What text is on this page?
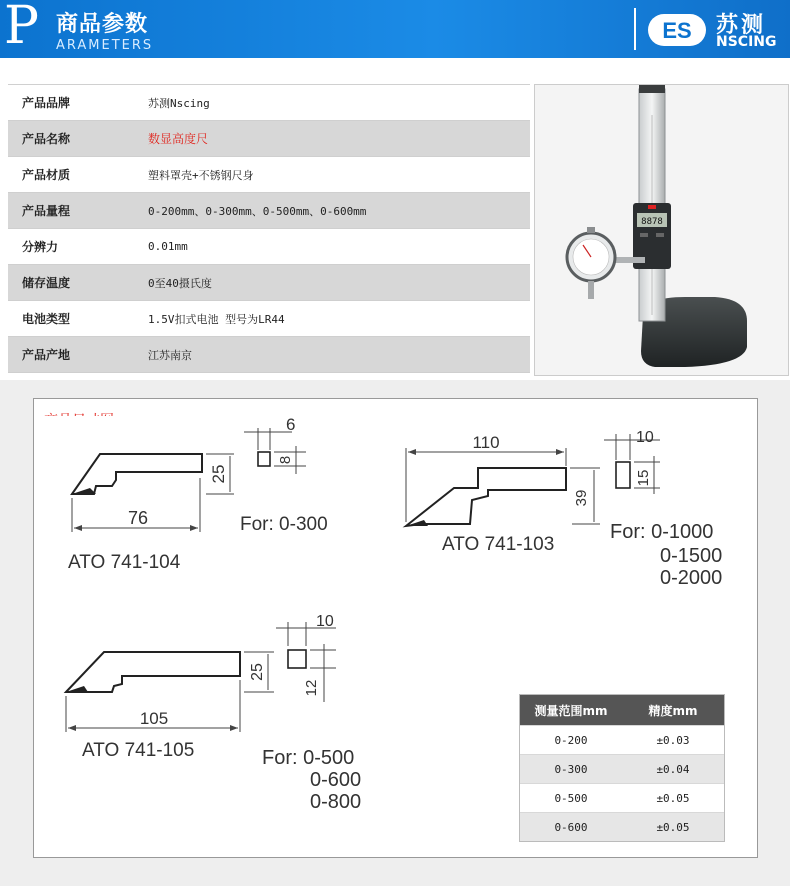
P 商品参数
ARAMETERS
ES 苏测
NSCING
产品品牌	苏测Nscing
产品名称	数显高度尺
产品材质	塑料罩壳+不锈钢尺身
产品量程	0-200mm、0-300mm、0-500mm、0-600mm
分辨力	0.01mm
储存温度	0至40摄氏度
电池类型	1.5V扣式电池 型号为LR44
产品产地	江苏南京
8878
76
25
6
8
ATO 741-104
For: 0-300
110
39
10
15
ATO 741-103
For: 0-1000
0-1500
0-2000
105
25
10
12
ATO 741-105	For: 0-500
0-600
0-800
测量范围mm	精度mm
0-200	±0.03
0-300	±0.04
0-500	±0.05
0-600	±0.05
